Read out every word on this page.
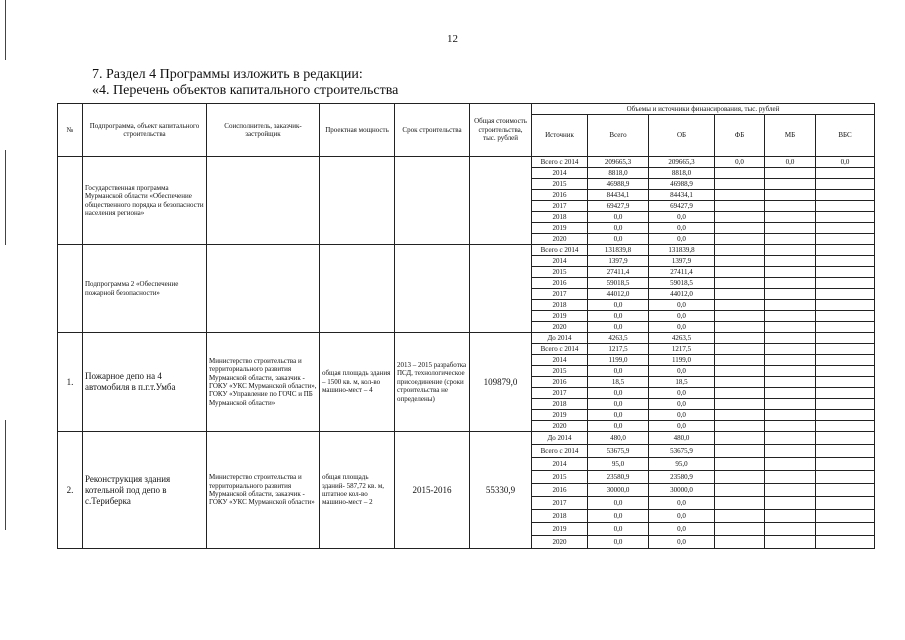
12
7. Раздел 4 Программы изложить в редакции:
«4. Перечень объектов капитального строительства
№	Подпрограмма, объект капитального строительства	Соисполнитель, заказчик-застройщик	Проектная мощность	Срок строительства	Общая стоимость строительства, тыс. рублей	Объемы и источники финансирования, тыс. рублей					
						Источник	Всего	ОБ	ФБ	МБ	ВБС
	Государственная программа Мурманской области «Обеспечение общественного порядка и безопасности населения региона»					Всего с 2014	209665,3	209665,3	0,0	0,0	0,0
						2014	8818,0	8818,0			
						2015	46988,9	46988,9			
						2016	84434,1	84434,1			
						2017	69427,9	69427,9			
						2018	0,0	0,0			
						2019	0,0	0,0			
						2020	0,0	0,0			
	Подпрограмма 2 «Обеспечение пожарной безопасности»					Всего с 2014	131839,8	131839,8			
						2014	1397,9	1397,9			
						2015	27411,4	27411,4			
						2016	59018,5	59018,5			
						2017	44012,0	44012,0			
						2018	0,0	0,0			
						2019	0,0	0,0			
						2020	0,0	0,0			
1.	Пожарное депо на 4 автомобиля в п.г.т.Умба	Министерство строительства и территориального развития Мурманской области, заказчик - ГОКУ «УКС Мурманской области», ГОКУ «Управление по ГОЧС и ПБ Мурманской области»	общая площадь здания – 1500 кв. м, кол-во машино-мест – 4	2013 – 2015 разработка ПСД, технологическое присоединение (сроки строительства не определены)	109879,0	До 2014	4263,5	4263,5			
						Всего с 2014	1217,5	1217,5			
						2014	1199,0	1199,0			
						2015	0,0	0,0			
						2016	18,5	18,5			
						2017	0,0	0,0			
						2018	0,0	0,0			
						2019	0,0	0,0			
						2020	0,0	0,0			
2.	Реконструкция здания котельной под депо в с.Териберка	Министерство строительства и территориального развития Мурманской области, заказчик - ГОКУ «УКС Мурманской области»	общая площадь зданий- 587,72 кв. м, штатное кол-во машино-мест – 2	2015-2016	55330,9	До 2014	480,0	480,0			
						Всего с 2014	53675,9	53675,9			
						2014	95,0	95,0			
						2015	23580,9	23580,9			
						2016	30000,0	30000,0			
						2017	0,0	0,0			
						2018	0,0	0,0			
						2019	0,0	0,0			
						2020	0,0	0,0			
